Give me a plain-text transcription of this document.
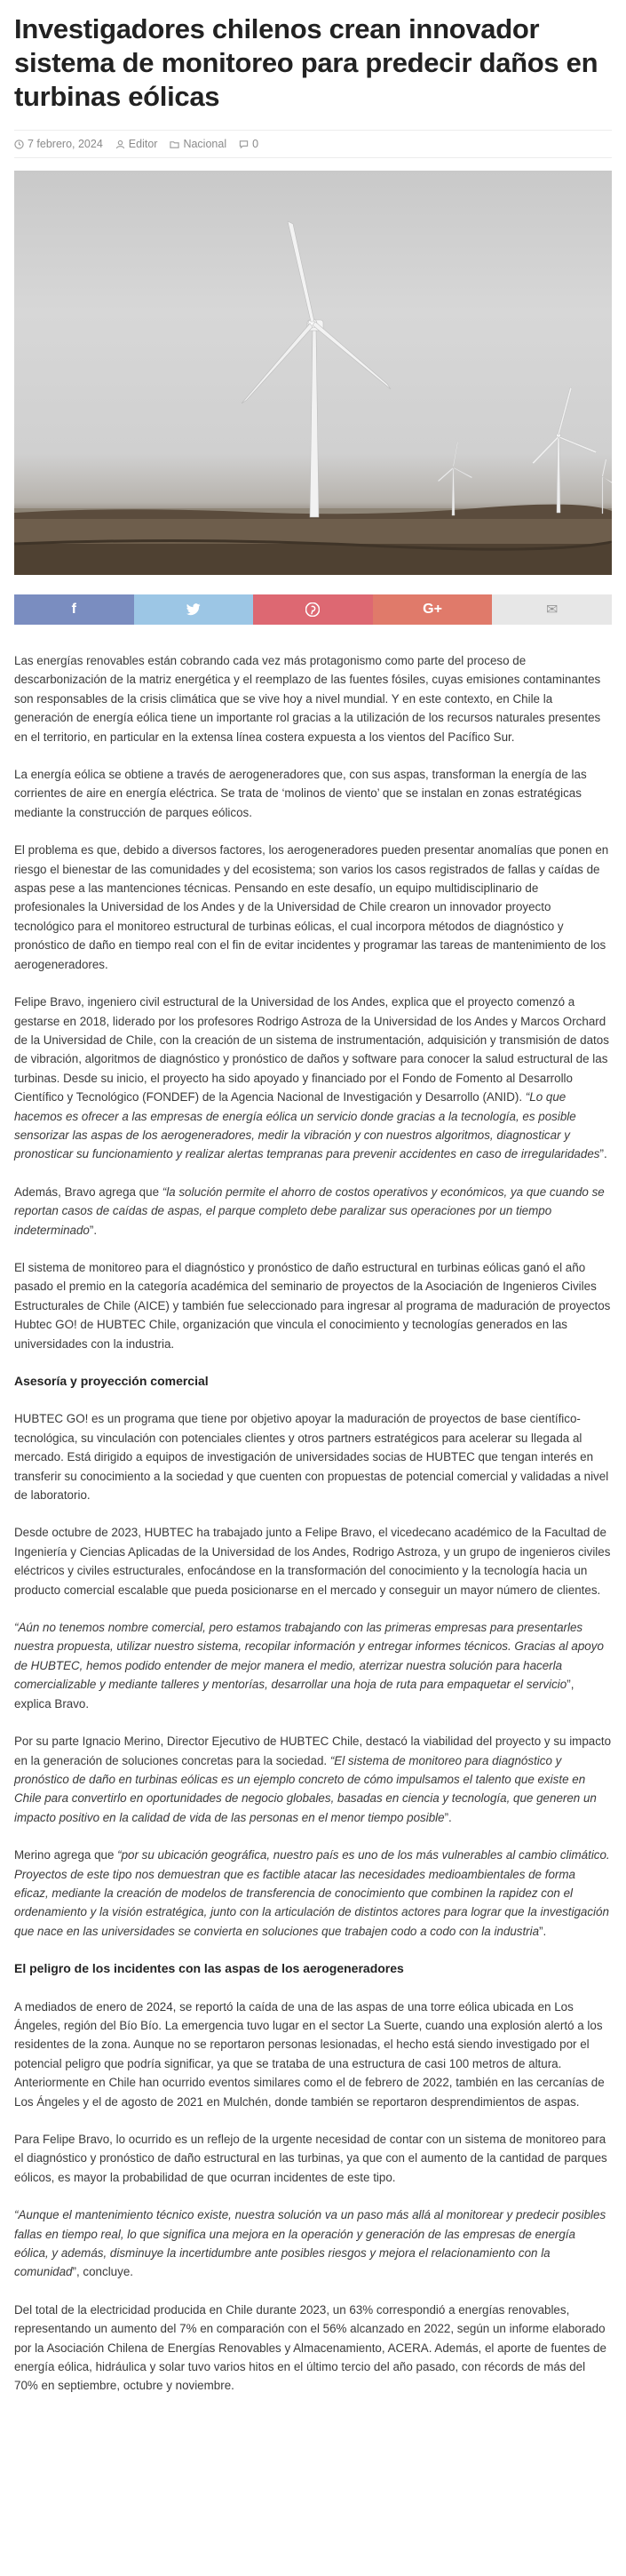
Investigadores chilenos crean innovador sistema de monitoreo para predecir daños en turbinas eólicas
7 febrero, 2024 Editor Nacional 0
f	G+	✉

Las energías renovables están cobrando cada vez más protagonismo como parte del proceso de descarbonización de la matriz energética y el reemplazo de las fuentes fósiles, cuyas emisiones contaminantes son responsables de la crisis climática que se vive hoy a nivel mundial. Y en este contexto, en Chile la generación de energía eólica tiene un importante rol gracias a la utilización de los recursos naturales presentes en el territorio, en particular en la extensa línea costera expuesta a los vientos del Pacífico Sur.

La energía eólica se obtiene a través de aerogeneradores que, con sus aspas, transforman la energía de las corrientes de aire en energía eléctrica. Se trata de ‘molinos de viento’ que se instalan en zonas estratégicas mediante la construcción de parques eólicos.

El problema es que, debido a diversos factores, los aerogeneradores pueden presentar anomalías que ponen en riesgo el bienestar de las comunidades y del ecosistema; son varios los casos registrados de fallas y caídas de aspas pese a las mantenciones técnicas. Pensando en este desafío, un equipo multidisciplinario de profesionales la Universidad de los Andes y de la Universidad de Chile crearon un innovador proyecto tecnológico para el monitoreo estructural de turbinas eólicas, el cual incorpora métodos de diagnóstico y pronóstico de daño en tiempo real con el fin de evitar incidentes y programar las tareas de mantenimiento de los aerogeneradores.

Felipe Bravo, ingeniero civil estructural de la Universidad de los Andes, explica que el proyecto comenzó a gestarse en 2018, liderado por los profesores Rodrigo Astroza de la Universidad de los Andes y Marcos Orchard de la Universidad de Chile, con la creación de un sistema de instrumentación, adquisición y transmisión de datos de vibración, algoritmos de diagnóstico y pronóstico de daños y software para conocer la salud estructural de las turbinas. Desde su inicio, el proyecto ha sido apoyado y financiado por el Fondo de Fomento al Desarrollo Científico y Tecnológico (FONDEF) de la Agencia Nacional de Investigación y Desarrollo (ANID). “Lo que hacemos es ofrecer a las empresas de energía eólica un servicio donde gracias a la tecnología, es posible sensorizar las aspas de los aerogeneradores, medir la vibración y con nuestros algoritmos, diagnosticar y pronosticar su funcionamiento y realizar alertas tempranas para prevenir accidentes en caso de irregularidades”.

Además, Bravo agrega que “la solución permite el ahorro de costos operativos y económicos, ya que cuando se reportan casos de caídas de aspas, el parque completo debe paralizar sus operaciones por un tiempo indeterminado”.

El sistema de monitoreo para el diagnóstico y pronóstico de daño estructural en turbinas eólicas ganó el año pasado el premio en la categoría académica del seminario de proyectos de la Asociación de Ingenieros Civiles Estructurales de Chile (AICE) y también fue seleccionado para ingresar al programa de maduración de proyectos Hubtec GO! de HUBTEC Chile, organización que vincula el conocimiento y tecnologías generados en las universidades con la industria.

Asesoría y proyección comercial

HUBTEC GO! es un programa que tiene por objetivo apoyar la maduración de proyectos de base científico-tecnológica, su vinculación con potenciales clientes y otros partners estratégicos para acelerar su llegada al mercado. Está dirigido a equipos de investigación de universidades socias de HUBTEC que tengan interés en transferir su conocimiento a la sociedad y que cuenten con propuestas de potencial comercial y validadas a nivel de laboratorio.

Desde octubre de 2023, HUBTEC ha trabajado junto a Felipe Bravo, el vicedecano académico de la Facultad de Ingeniería y Ciencias Aplicadas de la Universidad de los Andes, Rodrigo Astroza, y un grupo de ingenieros civiles eléctricos y civiles estructurales, enfocándose en la transformación del conocimiento y la tecnología hacia un producto comercial escalable que pueda posicionarse en el mercado y conseguir un mayor número de clientes.

“Aún no tenemos nombre comercial, pero estamos trabajando con las primeras empresas para presentarles nuestra propuesta, utilizar nuestro sistema, recopilar información y entregar informes técnicos. Gracias al apoyo de HUBTEC, hemos podido entender de mejor manera el medio, aterrizar nuestra solución para hacerla comercializable y mediante talleres y mentorías, desarrollar una hoja de ruta para empaquetar el servicio”, explica Bravo.

Por su parte Ignacio Merino, Director Ejecutivo de HUBTEC Chile, destacó la viabilidad del proyecto y su impacto en la generación de soluciones concretas para la sociedad. “El sistema de monitoreo para diagnóstico y pronóstico de daño en turbinas eólicas es un ejemplo concreto de cómo impulsamos el talento que existe en Chile para convertirlo en oportunidades de negocio globales, basadas en ciencia y tecnología, que generen un impacto positivo en la calidad de vida de las personas en el menor tiempo posible”.

Merino agrega que “por su ubicación geográfica, nuestro país es uno de los más vulnerables al cambio climático. Proyectos de este tipo nos demuestran que es factible atacar las necesidades medioambientales de forma eficaz, mediante la creación de modelos de transferencia de conocimiento que combinen la rapidez con el ordenamiento y la visión estratégica, junto con la articulación de distintos actores para lograr que la investigación que nace en las universidades se convierta en soluciones que trabajen codo a codo con la industria”.

El peligro de los incidentes con las aspas de los aerogeneradores

A mediados de enero de 2024, se reportó la caída de una de las aspas de una torre eólica ubicada en Los Ángeles, región del Bío Bío. La emergencia tuvo lugar en el sector La Suerte, cuando una explosión alertó a los residentes de la zona. Aunque no se reportaron personas lesionadas, el hecho está siendo investigado por el potencial peligro que podría significar, ya que se trataba de una estructura de casi 100 metros de altura. Anteriormente en Chile han ocurrido eventos similares como el de febrero de 2022, también en las cercanías de Los Ángeles y el de agosto de 2021 en Mulchén, donde también se reportaron desprendimientos de aspas.

Para Felipe Bravo, lo ocurrido es un reflejo de la urgente necesidad de contar con un sistema de monitoreo para el diagnóstico y pronóstico de daño estructural en las turbinas, ya que con el aumento de la cantidad de parques eólicos, es mayor la probabilidad de que ocurran incidentes de este tipo.

“Aunque el mantenimiento técnico existe, nuestra solución va un paso más allá al monitorear y predecir posibles fallas en tiempo real, lo que significa una mejora en la operación y generación de las empresas de energía eólica, y además, disminuye la incertidumbre ante posibles riesgos y mejora el relacionamiento con la comunidad”, concluye.

Del total de la electricidad producida en Chile durante 2023, un 63% correspondió a energías renovables, representando un aumento del 7% en comparación con el 56% alcanzado en 2022, según un informe elaborado por la Asociación Chilena de Energías Renovables y Almacenamiento, ACERA. Además, el aporte de fuentes de energía eólica, hidráulica y solar tuvo varios hitos en el último tercio del año pasado, con récords de más del 70% en septiembre, octubre y noviembre.
